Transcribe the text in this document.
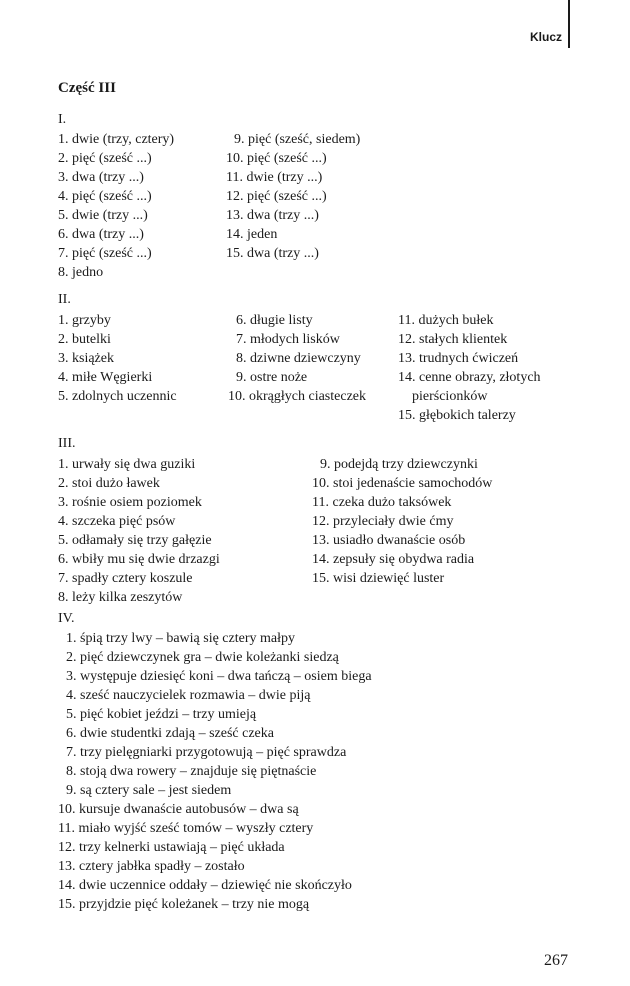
Klucz
Część III
I.
1. dwie (trzy, cztery)
2. pięć (sześć ...)
3. dwa (trzy ...)
4. pięć (sześć ...)
5. dwie (trzy ...)
6. dwa (trzy ...)
7. pięć (sześć ...)
8. jedno
9. pięć (sześć, siedem)
10. pięć (sześć ...)
11. dwie (trzy ...)
12. pięć (sześć ...)
13. dwa (trzy ...)
14. jeden
15. dwa (trzy ...)
II.
1. grzyby
2. butelki
3. książek
4. miłe Węgierki
5. zdolnych uczennic
6. długie listy
7. młodych lisków
8. dziwne dziewczyny
9. ostre noże
10. okrągłych ciasteczek
11. dużych bułek
12. stałych klientek
13. trudnych ćwiczeń
14. cenne obrazy, złotych
pierścionków
15. głębokich talerzy
III.
1. urwały się dwa guziki
2. stoi dużo ławek
3. rośnie osiem poziomek
4. szczeka pięć psów
5. odłamały się trzy gałęzie
6. wbiły mu się dwie drzazgi
7. spadły cztery koszule
8. leży kilka zeszytów
9. podejdą trzy dziewczynki
10. stoi jedenaście samochodów
11. czeka dużo taksówek
12. przyleciały dwie ćmy
13. usiadło dwanaście osób
14. zepsuły się obydwa radia
15. wisi dziewięć luster
IV.
1. śpią trzy lwy – bawią się cztery małpy
2. pięć dziewczynek gra – dwie koleżanki siedzą
3. występuje dziesięć koni – dwa tańczą – osiem biega
4. sześć nauczycielek rozmawia – dwie piją
5. pięć kobiet jeździ – trzy umieją
6. dwie studentki zdają – sześć czeka
7. trzy pielęgniarki przygotowują – pięć sprawdza
8. stoją dwa rowery – znajduje się piętnaście
9. są cztery sale – jest siedem
10. kursuje dwanaście autobusów – dwa są
11. miało wyjść sześć tomów – wyszły cztery
12. trzy kelnerki ustawiają – pięć układa
13. cztery jabłka spadły – zostało
14. dwie uczennice oddały – dziewięć nie skończyło
15. przyjdzie pięć koleżanek – trzy nie mogą
267
